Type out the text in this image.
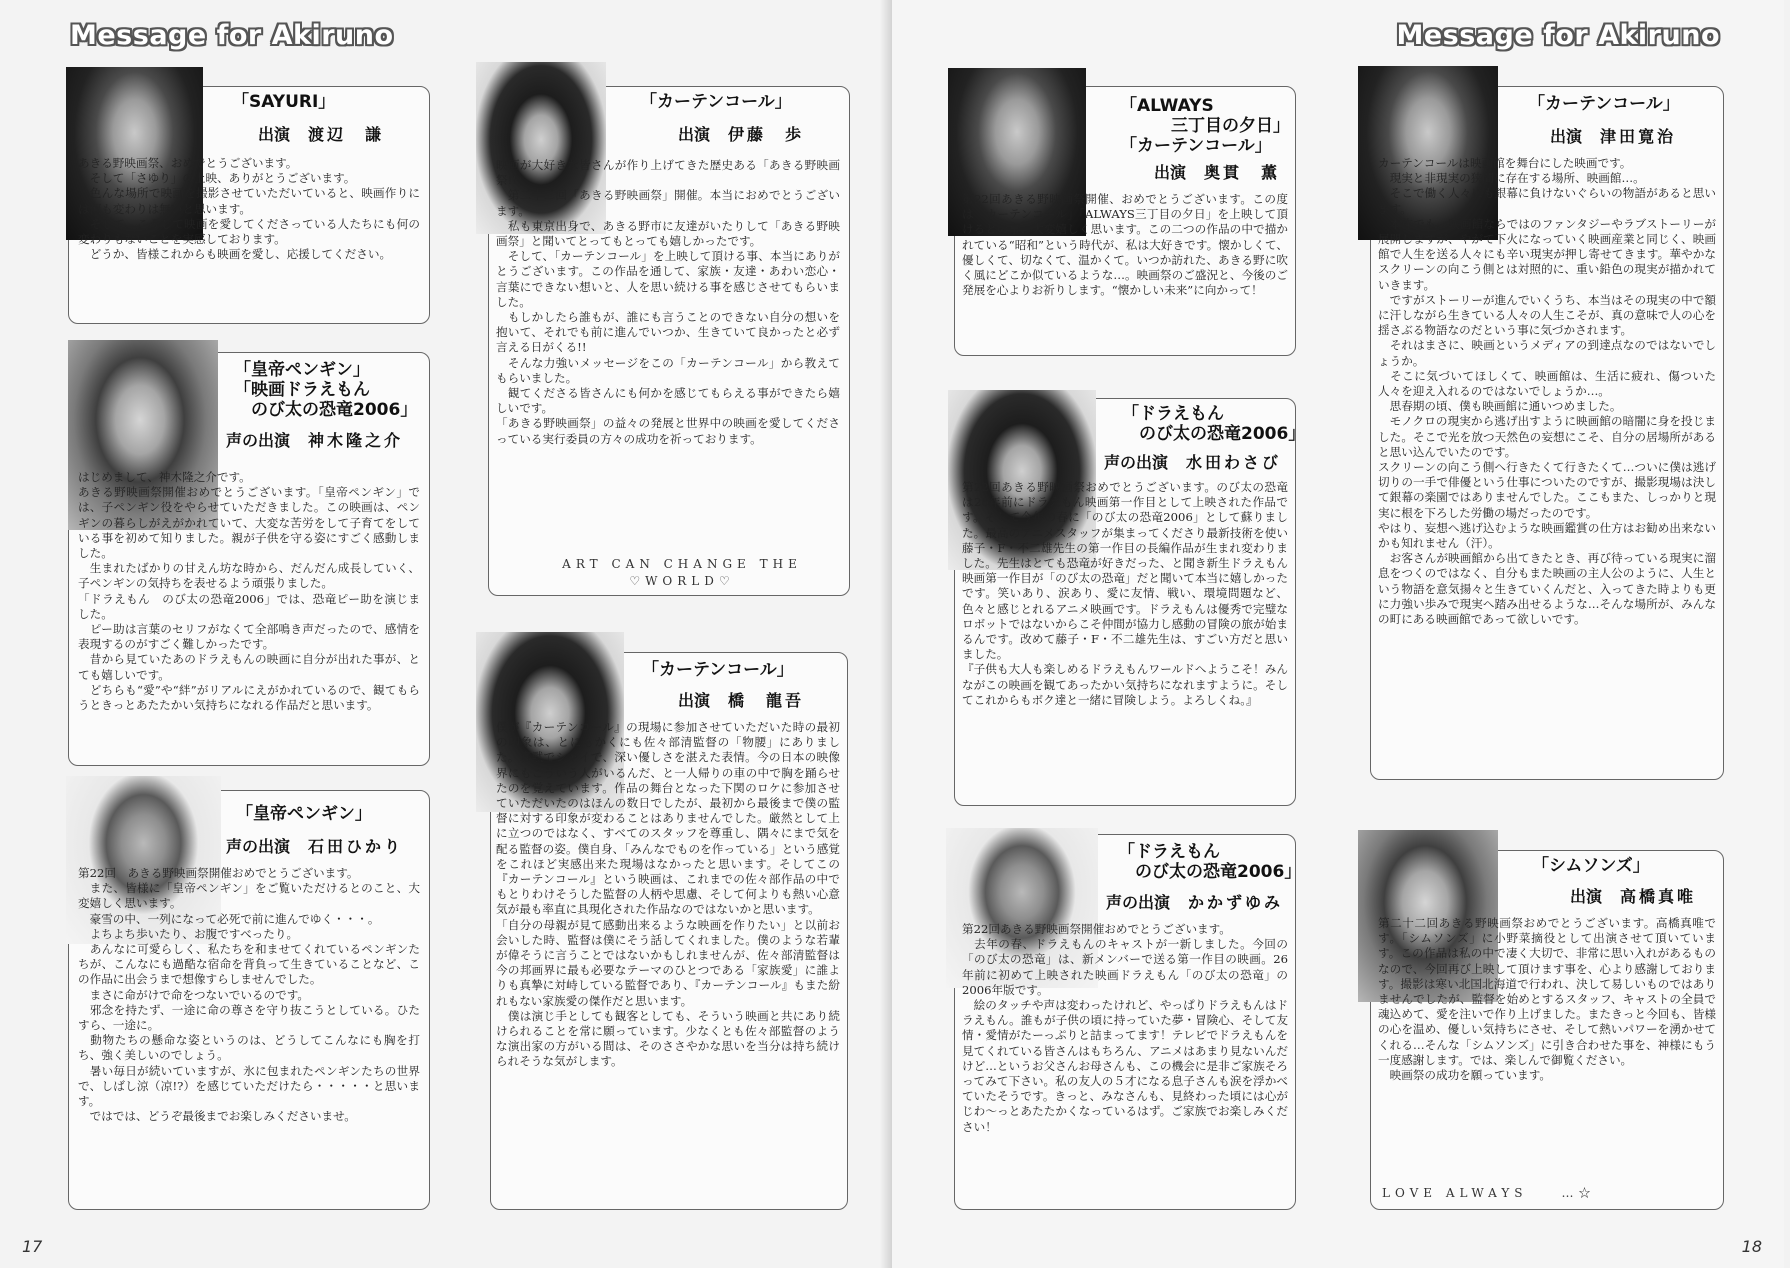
Message for Akiruno
「SAYURI」
出演 渡辺　謙
あきる野映画祭、おめでとうございます。
　そして「さゆり」の上映、ありがとうございます。
　色んな場所で映画を撮影させていただいていると、映画作りには何も変わりは無いと思います。
　そして、こうして映画を愛してくださっている人たちにも何の変わりもないことを実感しております。
　どうか、皆様これからも映画を愛し、応援してください。
「皇帝ペンギン」
「映画ドラえもん
　のび太の恐竜2006」
声の出演 神木隆之介
はじめまして、神木隆之介です。
あきる野映画祭開催おめでとうございます。「皇帝ペンギン」では、子ペンギン役をやらせていただきました。この映画は、ペンギンの暮らしがえがかれていて、大変な苦労をして子育てをしている事を初めて知りました。親が子供を守る姿にすごく感動しました。
　生まれたばかりの甘えん坊な時から、だんだん成長していく、子ペンギンの気持ちを表せるよう頑張りました。
「ドラえもん　のび太の恐竜2006」では、恐竜ピー助を演じました。
　ピー助は言葉のセリフがなくて全部鳴き声だったので、感情を表現するのがすごく難しかったです。
　昔から見ていたあのドラえもんの映画に自分が出れた事が、とても嬉しいです。
　どちらも“愛”や“絆”がリアルにえがかれているので、観てもらうときっとあたたかい気持ちになれる作品だと思います。
「皇帝ペンギン」
声の出演 石田ひかり
第22回　あきる野映画祭開催おめでとうございます。
　また、皆様に「皇帝ペンギン」をご覧いただけるとのこと、大変嬉しく思います。
　豪雪の中、一列になって必死で前に進んでゆく・・・。
　よちよち歩いたり、お腹ですべったり。
　あんなに可愛らしく、私たちを和ませてくれているペンギンたちが、こんなにも過酷な宿命を背負って生きていることなど、この作品に出会うまで想像すらしませんでした。
　まさに命がけで命をつないでいるのです。
　邪念を持たず、一途に命の尊さを守り抜こうとしている。ひたすら、一途に。
　動物たちの懸命な姿というのは、どうしてこんなにも胸を打ち、強く美しいのでしょう。
　暑い毎日が続いていますが、氷に包まれたペンギンたちの世界で、しばし涼（凉!?）を感じていただけたら・・・・・と思います。
　ではでは、どうぞ最後までお楽しみくださいませ。
「カーテンコール」
出演 伊藤　歩
映画が大好きな皆さんが作り上げてきた歴史ある「あきる野映画祭!!」
　第二十二回「あきる野映画祭」開催。本当におめでとうございます。
　私も東京出身で、あきる野市に友達がいたりして「あきる野映画祭」と聞いてとってもとっても嬉しかったです。
　そして、「カーテンコール」を上映して頂ける事、本当にありがとうございます。この作品を通して、家族・友達・あわい恋心・言葉にできない想いと、人を思い続ける事を感じさせてもらいました。
　もしかしたら誰もが、誰にも言うことのできない自分の想いを抱いて、それでも前に進んでいつか、生きていて良かったと必ず言える日がくる!!
　そんな力強いメッセージをこの「カーテンコール」から教えてもらいました。
　観てくださる皆さんにも何かを感じてもらえる事ができたら嬉しいです。
「あきる野映画祭」の益々の発展と世界中の映画を愛してくださっている実行委員の方々の成功を祈っております。
ART CAN CHANGE THE
♡WORLD♡
「カーテンコール」
出演 橋　龍吾
僕が『カーテンコール』の現場に参加させていただいた時の最初の印象は、とにもかくにも佐々部清監督の「物腰」にありました。寡黙でシャイで、深い優しさを湛えた表情。今の日本の映像界にもこういう人がいるんだ、と一人帰りの車の中で胸を踊らせたのを覚えています。作品の舞台となった下関のロケに参加させていただいたのはほんの数日でしたが、最初から最後まで僕の監督に対する印象が変わることはありませんでした。厳然として上に立つのではなく、すべてのスタッフを尊重し、隅々にまで気を配る監督の姿。僕自身、「みんなでものを作っている」という感覚をこれほど実感出来た現場はなかったと思います。そしてこの『カーテンコール』という映画は、これまでの佐々部作品の中でもとりわけそうした監督の人柄や思慮、そして何よりも熱い心意気が最も率直に具現化された作品なのではないかと思います。
「自分の母親が見て感動出来るような映画を作りたい」と以前お会いした時、監督は僕にそう話してくれました。僕のような若輩が偉そうに言うことではないかもしれませんが、佐々部清監督は今の邦画界に最も必要なテーマのひとつである「家族愛」に誰よりも真摯に対峙している監督であり、『カーテンコール』もまた紛れもない家族愛の傑作だと思います。
　僕は演じ手としても観客としても、そういう映画と共にあり続けられることを常に願っています。少なくとも佐々部監督のような演出家の方がいる間は、そのささやかな思いを当分は持ち続けられそうな気がします。
17
Message for Akiruno
「ALWAYS
　　　三丁目の夕日」
「カーテンコール」
出演 奥貫　薫
第22回あきる野映画祭開催、おめでとうございます。この度は「カーテンコール」「ALWAYS三丁目の夕日」を上映して頂けるとの事、大変嬉しく思います。この二つの作品の中で描かれている“昭和”という時代が、私は大好きです。懐かしくて、優しくて、切なくて、温かくて。いつか訪れた、あきる野に吹く風にどこか似ているような…。映画祭のご盛況と、今後のご発展を心よりお祈りします。“懐かしい未来”に向かって！
「ドラえもん
　のび太の恐竜2006」
声の出演 水田わさび
第22回あきる野映画祭おめでとうございます。のび太の恐竜は26年前にドラえもん映画第一作目として上映された作品です。そして今年の春に「のび太の恐竜2006」として蘇りました。最高のアニメスタッフが集まってくださり最新技術を使い藤子・F・不二雄先生の第一作目の長編作品が生まれ変わりました。先生はとても恐竜が好きだった、と聞き新生ドラえもん映画第一作目が「のび太の恐竜」だと聞いて本当に嬉しかったです。笑いあり、涙あり、愛に友情、戦い、環境問題など、色々と感じとれるアニメ映画です。ドラえもんは優秀で完璧なロボットではないからこそ仲間が協力し感動の冒険の旅が始まるんです。改めて藤子・F・不二雄先生は、すごい方だと思いました。
『子供も大人も楽しめるドラえもんワールドへようこそ！みんながこの映画を観てあったかい気持ちになれますように。そしてこれからもボク達と一緒に冒険しよう。よろしくね。』
「ドラえもん
　のび太の恐竜2006」
声の出演 かかずゆみ
第22回あきる野映画祭開催おめでとうございます。
　去年の春、ドラえもんのキャストが一新しました。今回の「のび太の恐竜」は、新メンバーで送る第一作目の映画。26年前に初めて上映された映画ドラえもん「のび太の恐竜」の2006年版です。
　絵のタッチや声は変わったけれど、やっぱりドラえもんはドラえもん。誰もが子供の頃に持っていた夢・冒険心、そして友情・愛情がたーっぷりと詰まってます！テレビでドラえもんを見てくれている皆さんはもちろん、アニメはあまり見ないんだけど…というお父さんお母さんも、この機会に是非ご家族そろってみて下さい。私の友人の５才になる息子さんも涙を浮かべていたそうです。きっと、みなさんも、見終わった頃には心がじわ〜っとあたたかくなっているはず。ご家族でお楽しみください！
「カーテンコール」
出演 津田寛治
カーテンコールは映画館を舞台にした映画です。
　現実と非現実の狭間に存在する場所、映画館…。
　そこで働く人々にも銀幕に負けないぐらいの物語があると思います。
　本作でも、映画館ならではのファンタジーやラブストーリーが展開しますが、やがて下火になっていく映画産業と同じく、映画館で人生を送る人々にも辛い現実が押し寄せてきます。華やかなスクリーンの向こう側とは対照的に、重い鉛色の現実が描かれていきます。
　ですがストーリーが進んでいくうち、本当はその現実の中で額に汗しながら生きている人々の人生こそが、真の意味で人の心を揺さぶる物語なのだという事に気づかされます。
　それはまさに、映画というメディアの到達点なのではないでしょうか。
　そこに気づいてほしくて、映画館は、生活に疲れ、傷ついた人々を迎え入れるのではないでしょうか…。
　思春期の頃、僕も映画館に通いつめました。
　モノクロの現実から逃げ出すように映画館の暗闇に身を投じました。そこで光を放つ天然色の妄想にこそ、自分の居場所があると思い込んでいたのです。
スクリーンの向こう側へ行きたくて行きたくて…ついに僕は逃げ切りの一手で俳優という仕事についたのですが、撮影現場は決して銀幕の楽園ではありませんでした。ここもまた、しっかりと現実に根を下ろした労働の場だったのです。
やはり、妄想へ逃げ込むような映画鑑賞の仕方はお勧め出来ないかも知れません（汗）。
　お客さんが映画館から出てきたとき、再び待っている現実に溜息をつくのではなく、自分もまた映画の主人公のように、人生という物語を意気揚々と生きていくんだと、入ってきた時よりも更に力強い歩みで現実へ踏み出せるような…そんな場所が、みんなの町にある映画館であって欲しいです。
「シムソンズ」
出演 高橋真唯
第二十二回あきる野映画祭おめでとうございます。高橋真唯です。「シムソンズ」に小野菜摘役として出演させて頂いています。この作品は私の中で凄く大切で、非常に思い入れがあるものなので、今回再び上映して頂けます事を、心より感謝しております。撮影は寒い北国北海道で行われ、決して易しいものではありませんでしたが、監督を始めとするスタッフ、キャストの全員で魂込めて、愛を注いで作り上げました。またきっと今回も、皆様の心を温め、優しい気持ちにさせ、そして熱いパワーを湧かせてくれる…そんな「シムソンズ」に引き合わせた事を、神様にもう一度感謝します。では、楽しんで御覧ください。
　映画祭の成功を願っています。
LOVE ALWAYS　　…☆
18
